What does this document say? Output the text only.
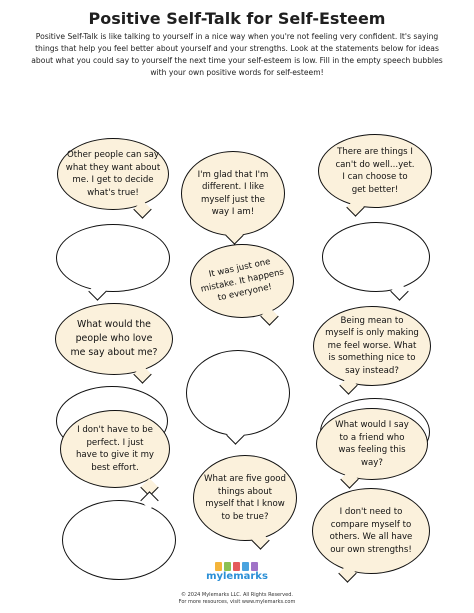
Positive Self-Talk for Self-Esteem
Positive Self-Talk is like talking to yourself in a nice way when you're not feeling very confident. It's saying things that help you feel better about yourself and your strengths. Look at the statements below for ideas about what you could say to yourself the next time your self-esteem is low. Fill in the empty speech bubbles with your own positive words for self-esteem!
Other people can say
what they want about
me. I get to decide
what's true!
I'm glad that I'm
different. I like
myself just the
way I am!
There are things I
can't do well...yet.
I can choose to
get better!
It was just one
mistake. It happens
to everyone!
What would the
people who love
me say about me?
Being mean to
myself is only making
me feel worse. What
is something nice to
say instead?
I don't have to be
perfect. I just
have to give it my
best effort.
What would I say
to a friend who
was feeling this
way?
What are five good
things about
myself that I know
to be true?	I don't need to
compare myself to
others. We all have
our own strengths!
mylemarks
© 2024 Mylemarks LLC. All Rights Reserved.
For more resources, visit www.mylemarks.com
